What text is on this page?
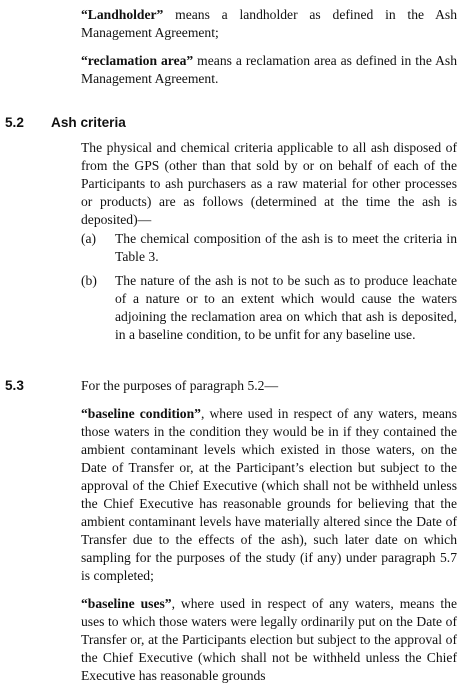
“Landholder” means a landholder as defined in the Ash Management Agreement;
“reclamation area” means a reclamation area as defined in the Ash Management Agreement.
5.2 Ash criteria
The physical and chemical criteria applicable to all ash disposed of from the GPS (other than that sold by or on behalf of each of the Participants to ash purchasers as a raw material for other processes or products) are as follows (determined at the time the ash is deposited)—
(a) The chemical composition of the ash is to meet the criteria in Table 3.
(b) The nature of the ash is not to be such as to produce leachate of a nature or to an extent which would cause the waters adjoining the reclamation area on which that ash is deposited, in a baseline condition, to be unfit for any baseline use.
5.3	For the purposes of paragraph 5.2—
“baseline condition”, where used in respect of any waters, means those waters in the condition they would be in if they contained the ambient contaminant levels which existed in those waters, on the Date of Transfer or, at the Participant’s election but subject to the approval of the Chief Executive (which shall not be withheld unless the Chief Executive has reasonable grounds for believing that the ambient contaminant levels have materially altered since the Date of Transfer due to the effects of the ash), such later date on which sampling for the purposes of the study (if any) under paragraph 5.7 is completed;
“baseline uses”, where used in respect of any waters, means the uses to which those waters were legally ordinarily put on the Date of Transfer or, at the Participants election but subject to the approval of the Chief Executive (which shall not be withheld unless the Chief Executive has reasonable grounds
